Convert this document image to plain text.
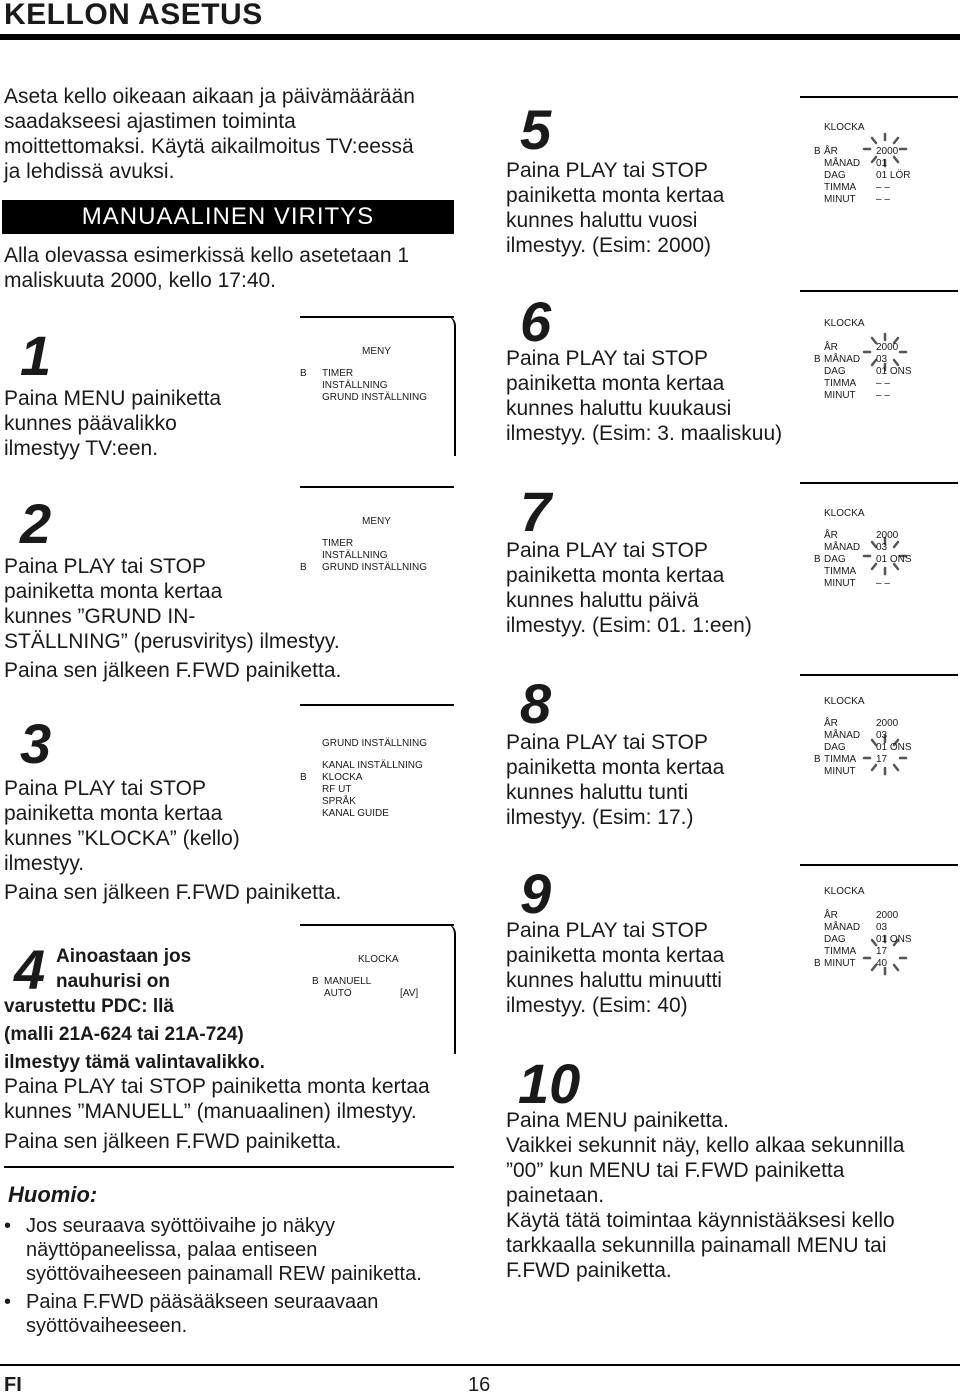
KELLON ASETUS
Aseta kello oikeaan aikaan ja päivämäärään
saadakseesi ajastimen toiminta
moittettomaksi. Käytä aikailmoitus TV:eessä
ja lehdissä avuksi.
MANUAALINEN VIRITYS
Alla olevassa esimerkissä kello asetetaan 1
maliskuuta 2000, kello 17:40.
1
Paina MENU painiketta
kunnes päävalikko
ilmestyy TV:een.
MENY
B TIMER
INSTÄLLNING
GRUND INSTÄLLNING
2
Paina PLAY tai STOP
painiketta monta kertaa
kunnes ”GRUND IN-
STÄLLNING” (perusviritys) ilmestyy.
Paina sen jälkeen F.FWD painiketta.
MENY
TIMER
INSTÄLLNING
B GRUND INSTÄLLNING
3
Paina PLAY tai STOP
painiketta monta kertaa
kunnes ”KLOCKA” (kello)
ilmestyy.
Paina sen jälkeen F.FWD painiketta.
GRUND INSTÄLLNING
KANAL INSTÄLLNING
B KLOCKA
RF UT
SPRÅK
KANAL GUIDE
4 Ainoastaan jos
nauhurisi on
varustettu PDC: llä
(malli 21A-624 tai 21A-724)
ilmestyy tämä valintavalikko.
Paina PLAY tai STOP painiketta monta kertaa
kunnes ”MANUELL” (manuaalinen) ilmestyy.
Paina sen jälkeen F.FWD painiketta.
KLOCKA
B MANUELL
AUTO	[AV]
Huomio:
• Jos seuraava syöttöivaihe jo näkyy
näyttöpaneelissa, palaa entiseen
syöttövaiheeseen painamall REW painiketta.
• Paina F.FWD pääsääkseen seuraavaan
syöttövaiheeseen.
FI	16
5
Paina PLAY tai STOP
painiketta monta kertaa
kunnes haluttu vuosi
ilmestyy. (Esim: 2000)
KLOCKA
B ÅR
MÅNAD
DAG
TIMMA
MINUT
2000
01
01 LÖR
– –
– –
6
Paina PLAY tai STOP
painiketta monta kertaa
kunnes haluttu kuukausi
ilmestyy. (Esim: 3. maaliskuu)
KLOCKA
ÅR
B MÅNAD
DAG
TIMMA
MINUT
2000
03
01 ONS
– –
– –
7
Paina PLAY tai STOP
painiketta monta kertaa
kunnes haluttu päivä
ilmestyy. (Esim: 01. 1:een)
KLOCKA
ÅR
MÅNAD
B DAG
TIMMA
MINUT
2000
03
01 ONS
– –
8
Paina PLAY tai STOP
painiketta monta kertaa
kunnes haluttu tunti
ilmestyy. (Esim: 17.)
KLOCKA
ÅR
MÅNAD
DAG
B TIMMA
MINUT
2000
03
01 ONS
17
9
Paina PLAY tai STOP
painiketta monta kertaa
kunnes haluttu minuutti
ilmestyy. (Esim: 40)
KLOCKA
ÅR
MÅNAD
DAG
TIMMA
B MINUT
2000
03
01 ONS
17
40
10
Paina MENU painiketta.
Vaikkei sekunnit näy, kello alkaa sekunnilla
”00” kun MENU tai F.FWD painiketta
painetaan.
Käytä tätä toimintaa käynnistääksesi kello
tarkkaalla sekunnilla painamall MENU tai
F.FWD painiketta.
